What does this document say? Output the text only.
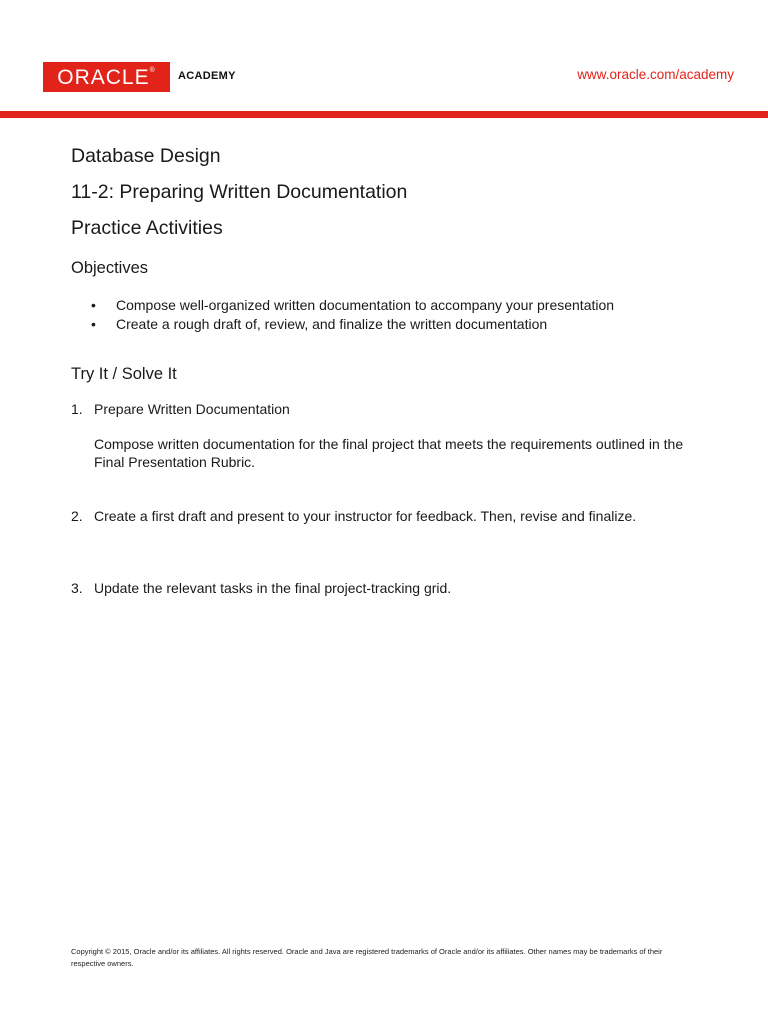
ORACLE® ACADEMY	www.oracle.com/academy
Database Design
11-2: Preparing Written Documentation
Practice Activities
Objectives
• Compose well-organized written documentation to accompany your presentation
• Create a rough draft of, review, and finalize the written documentation
Try It / Solve It
1. Prepare Written Documentation
Compose written documentation for the final project that meets the requirements outlined in the Final Presentation Rubric.
2. Create a first draft and present to your instructor for feedback. Then, revise and finalize.
3. Update the relevant tasks in the final project-tracking grid.
Copyright © 2015, Oracle and/or its affiliates. All rights reserved. Oracle and Java are registered trademarks of Oracle and/or its affiliates. Other names may be trademarks of their respective owners.
